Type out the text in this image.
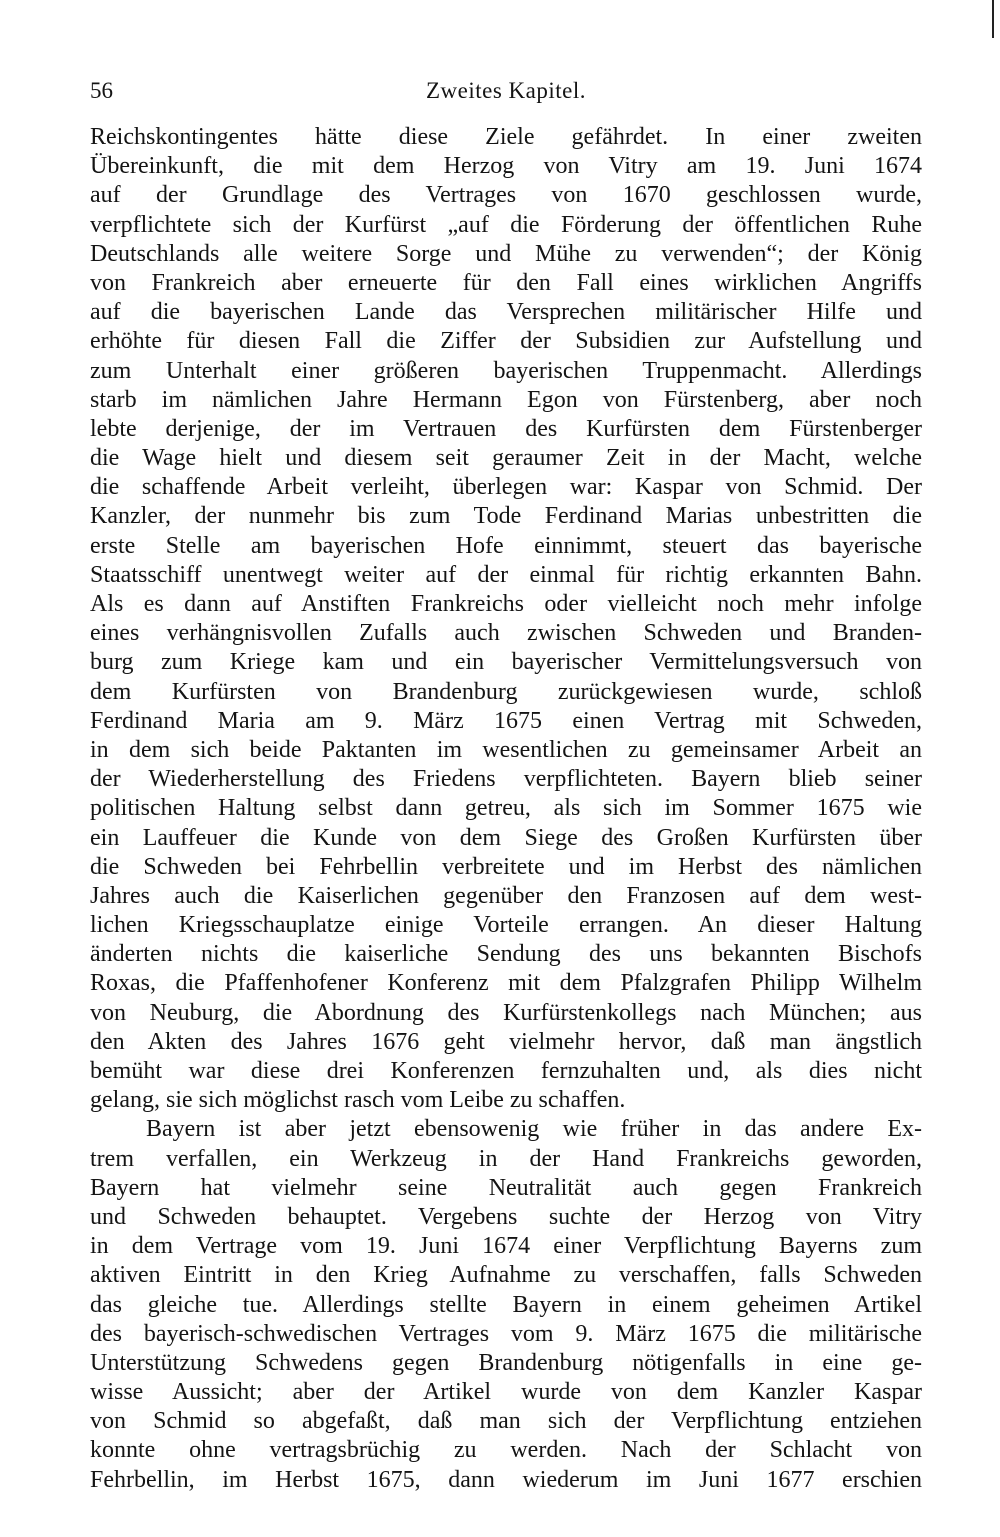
56	Zweites Kapitel.
Reichskontingentes hätte diese Ziele gefährdet. In einer zweiten
Übereinkunft, die mit dem Herzog von Vitry am 19. Juni 1674
auf der Grundlage des Vertrages von 1670 geschlossen wurde,
verpflichtete sich der Kurfürst „auf die Förderung der öffentlichen Ruhe
Deutschlands alle weitere Sorge und Mühe zu verwenden“; der König
von Frankreich aber erneuerte für den Fall eines wirklichen Angriffs
auf die bayerischen Lande das Versprechen militärischer Hilfe und
erhöhte für diesen Fall die Ziffer der Subsidien zur Aufstellung und
zum Unterhalt einer größeren bayerischen Truppenmacht. Allerdings
starb im nämlichen Jahre Hermann Egon von Fürstenberg, aber noch
lebte derjenige, der im Vertrauen des Kurfürsten dem Fürstenberger
die Wage hielt und diesem seit geraumer Zeit in der Macht, welche
die schaffende Arbeit verleiht, überlegen war: Kaspar von Schmid. Der
Kanzler, der nunmehr bis zum Tode Ferdinand Marias unbestritten die
erste Stelle am bayerischen Hofe einnimmt, steuert das bayerische
Staatsschiff unentwegt weiter auf der einmal für richtig erkannten Bahn.
Als es dann auf Anstiften Frankreichs oder vielleicht noch mehr infolge
eines verhängnisvollen Zufalls auch zwischen Schweden und Branden-
burg zum Kriege kam und ein bayerischer Vermittelungsversuch von
dem Kurfürsten von Brandenburg zurückgewiesen wurde, schloß
Ferdinand Maria am 9. März 1675 einen Vertrag mit Schweden,
in dem sich beide Paktanten im wesentlichen zu gemeinsamer Arbeit an
der Wiederherstellung des Friedens verpflichteten. Bayern blieb seiner
politischen Haltung selbst dann getreu, als sich im Sommer 1675 wie
ein Lauffeuer die Kunde von dem Siege des Großen Kurfürsten über
die Schweden bei Fehrbellin verbreitete und im Herbst des nämlichen
Jahres auch die Kaiserlichen gegenüber den Franzosen auf dem west-
lichen Kriegsschauplatze einige Vorteile errangen. An dieser Haltung
änderten nichts die kaiserliche Sendung des uns bekannten Bischofs
Roxas, die Pfaffenhofener Konferenz mit dem Pfalzgrafen Philipp Wilhelm
von Neuburg, die Abordnung des Kurfürstenkollegs nach München; aus
den Akten des Jahres 1676 geht vielmehr hervor, daß man ängstlich
bemüht war diese drei Konferenzen fernzuhalten und, als dies nicht
gelang, sie sich möglichst rasch vom Leibe zu schaffen.
Bayern ist aber jetzt ebensowenig wie früher in das andere Ex-
trem verfallen, ein Werkzeug in der Hand Frankreichs geworden,
Bayern hat vielmehr seine Neutralität auch gegen Frankreich
und Schweden behauptet. Vergebens suchte der Herzog von Vitry
in dem Vertrage vom 19. Juni 1674 einer Verpflichtung Bayerns zum
aktiven Eintritt in den Krieg Aufnahme zu verschaffen, falls Schweden
das gleiche tue. Allerdings stellte Bayern in einem geheimen Artikel
des bayerisch-schwedischen Vertrages vom 9. März 1675 die militärische
Unterstützung Schwedens gegen Brandenburg nötigenfalls in eine ge-
wisse Aussicht; aber der Artikel wurde von dem Kanzler Kaspar
von Schmid so abgefaßt, daß man sich der Verpflichtung entziehen
konnte ohne vertragsbrüchig zu werden. Nach der Schlacht von
Fehrbellin, im Herbst 1675, dann wiederum im Juni 1677 erschien
